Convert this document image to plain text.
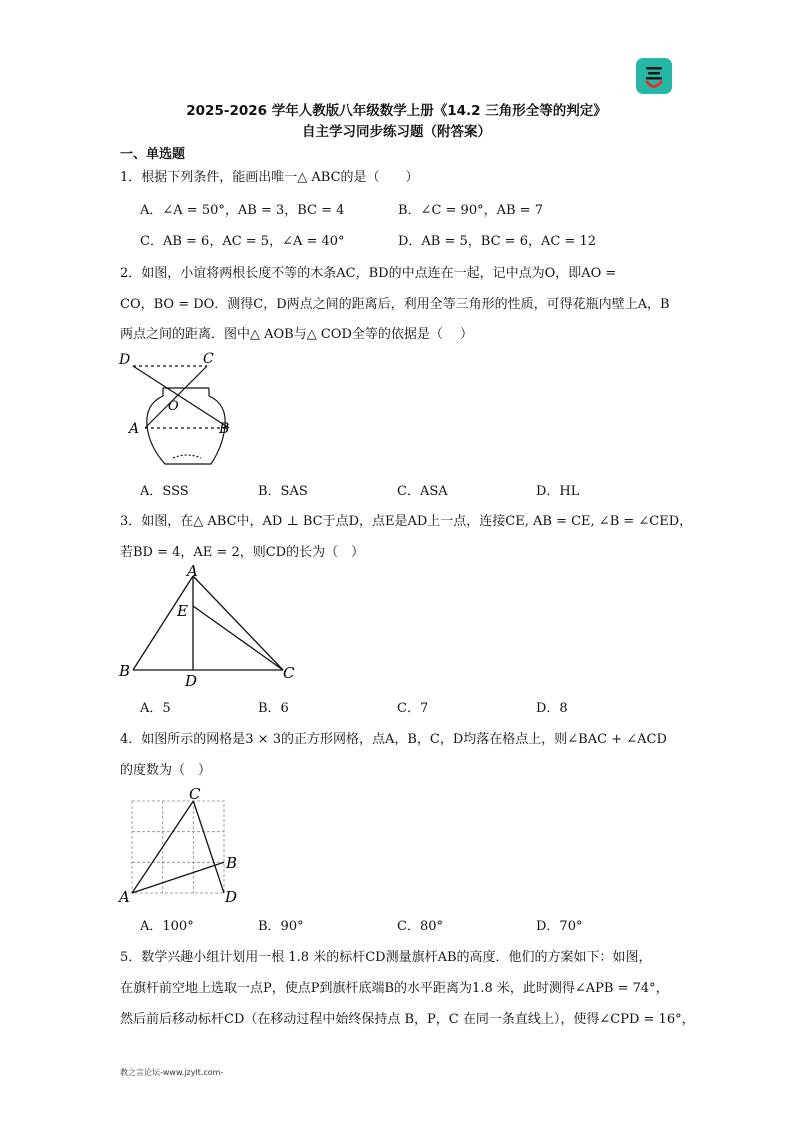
2025-2026 学年人教版八年级数学上册《14.2 三角形全等的判定》
自主学习同步练习题（附答案）
一、单选题
1．根据下列条件，能画出唯一△ ABC的是（　　）
A．∠A = 50°，AB = 3，BC = 4	B．∠C = 90°，AB = 7
C．AB = 6，AC = 5，∠A = 40°	D．AB = 5，BC = 6，AC = 12
2．如图，小谊将两根长度不等的木条AC，BD的中点连在一起，记中点为O，即AO =
CO，BO = DO．测得C，D两点之间的距离后，利用全等三角形的性质，可得花瓶内壁上A，B
两点之间的距离．图中△ AOB与△ COD全等的依据是（　 ）
D	C
O
A	B
A．SSS	B．SAS	C．ASA	D．HL
3．如图，在△ ABC中，AD ⊥ BC于点D，点E是AD上一点，连接CE, AB = CE, ∠B = ∠CED，
若BD = 4，AE = 2，则CD的长为（　）
A
E
B
D	C
A．5	B．6	C．7	D．8
4．如图所示的网格是3 × 3的正方形网格，点A，B，C，D均落在格点上，则∠BAC + ∠ACD
的度数为（　）
C
B
A	D
A．100°	B．90°	C．80°	D．70°
5．数学兴趣小组计划用一根 1.8 米的标杆CD测量旗杆AB的高度．他们的方案如下：如图，
在旗杆前空地上选取一点P，使点P到旗杆底端B的水平距离为1.8 米，此时测得∠APB = 74°，
然后前后移动标杆CD（在移动过程中始终保持点 B，P，C 在同一条直线上），使得∠CPD = 16°，
教之言论坛-www.jzylt.com-
